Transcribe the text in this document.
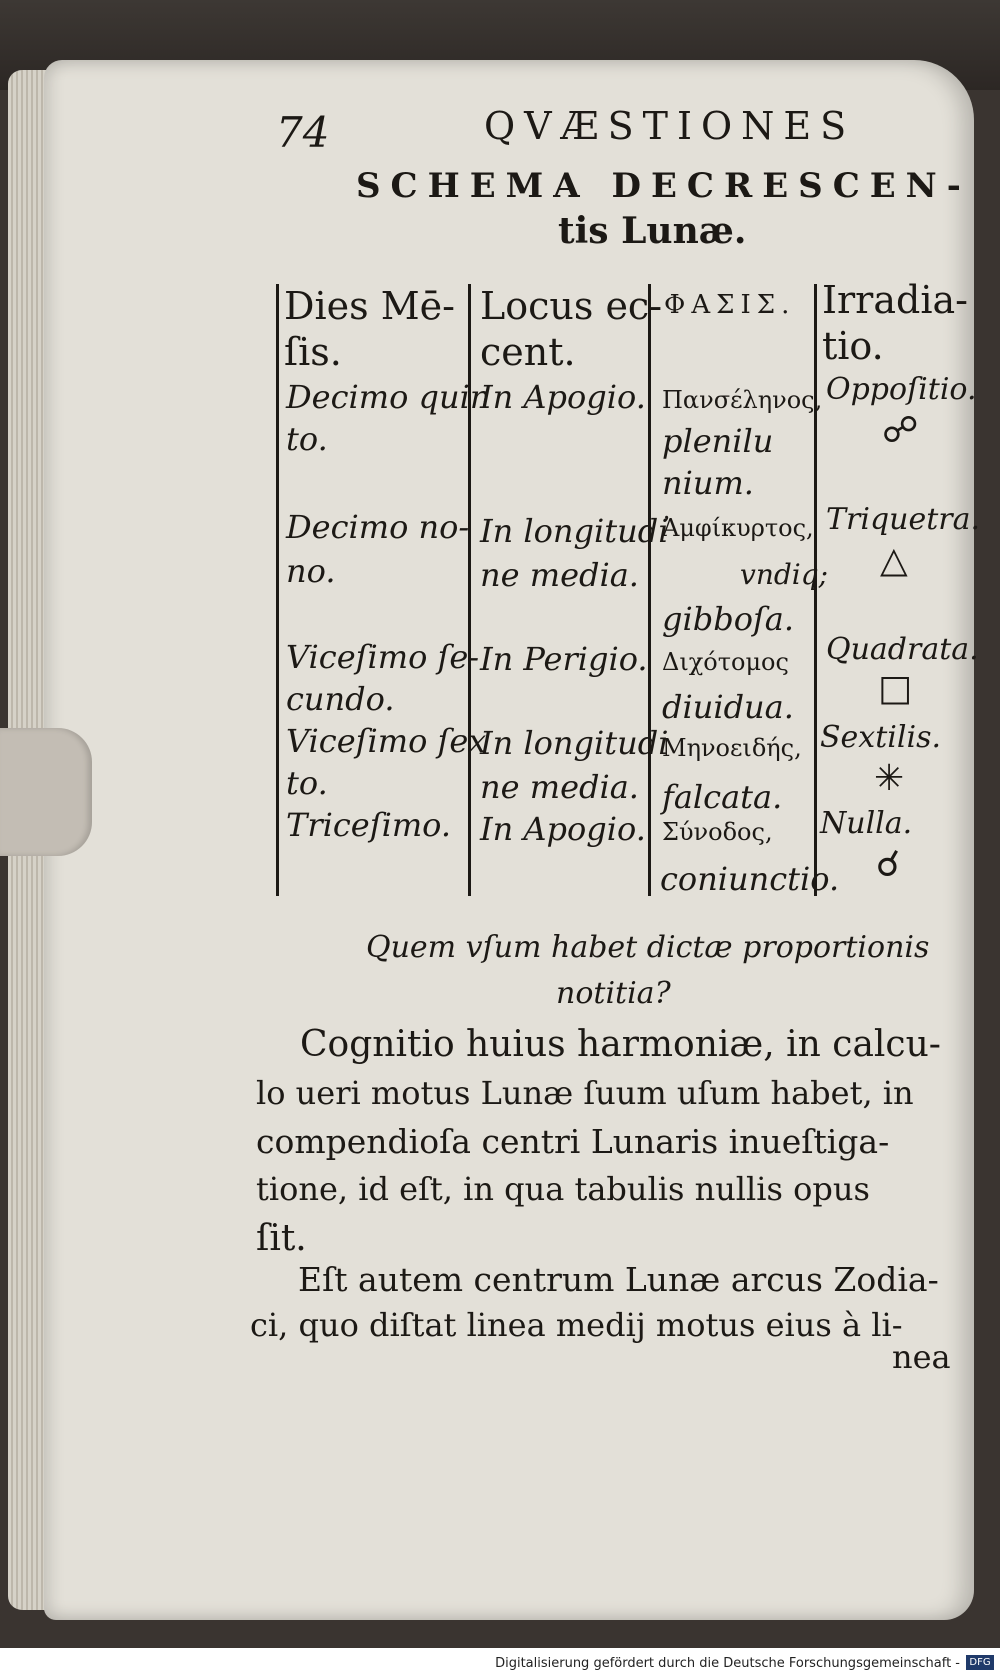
74	QVÆSTIONES
SCHEMA DECRESCEN-
tis Lunæ.
Dies Mē-
ſis.
Locus ec-
cent.
ΦΑΣΙΣ. Irradia-
tio.
Decimo quin
to.
In Apogio. Πανσέληνος,
plenilu
nium.
Oppoſitio.
☍
Decimo no-
no.
In longitudi
ne media.
Ἀμφίκυρτος,
vndiq;
gibboſa.
Triquetra.
△
Viceſimo ſe-
cundo.
In Perigio. Διχότομος
diuidua.
Quadrata.
□
Viceſimo ſex
to.
In longitudi
ne media.
Μηνοειδής,
falcata.
Sextilis.
✳
Triceſimo. In Apogio. Σύνοδος,
coniunctio.
Nulla.
☌
Quem vſum habet dictæ proportionis
notitia?
Cognitio huius harmoniæ, in calcu-
lo ueri motus Lunæ ſuum uſum habet, in
compendioſa centri Lunaris inueſtiga-
tione, id eſt, in qua tabulis nullis opus
ſit.
Eſt autem centrum Lunæ arcus Zodia-
ci, quo diſtat linea medij motus eius à li-
nea
Digitalisierung gefördert durch die Deutsche Forschungsgemeinschaft - DFG
